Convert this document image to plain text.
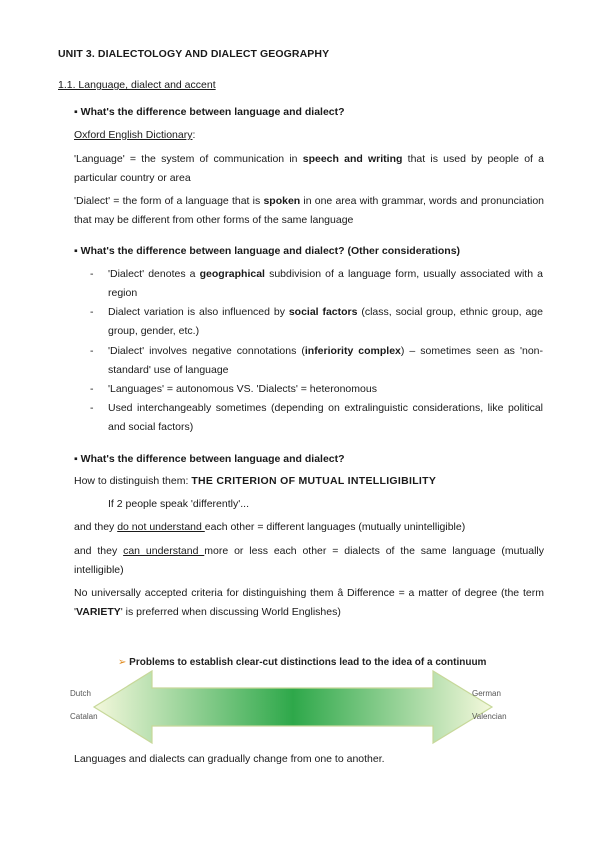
UNIT 3. DIALECTOLOGY AND DIALECT GEOGRAPHY
1.1. Language, dialect and accent
▪ What's the difference between language and dialect?
Oxford English Dictionary:
'Language' = the system of communication in speech and writing that is used by people of a particular country or area
'Dialect' = the form of a language that is spoken in one area with grammar, words and pronunciation that may be different from other forms of the same language
▪ What's the difference between language and dialect? (Other considerations)
- 'Dialect' denotes a geographical subdivision of a language form, usually associated with a region
- Dialect variation is also influenced by social factors (class, social group, ethnic group, age group, gender, etc.)
- 'Dialect' involves negative connotations (inferiority complex) – sometimes seen as 'non-standard' use of language
- 'Languages' = autonomous VS. 'Dialects' = heteronomous
- Used interchangeably sometimes (depending on extralinguistic considerations, like political and social factors)
▪ What's the difference between language and dialect?
How to distinguish them: THE CRITERION OF MUTUAL INTELLIGIBILITY
If 2 people speak 'differently'...
and they do not understand each other = different languages (mutually unintelligible)
and they can understand more or less each other = dialects of the same language (mutually intelligible)
No universally accepted criteria for distinguishing them â Difference = a matter of degree (the term 'VARIETY' is preferred when discussing World Englishes)
➢ Problems to establish clear-cut distinctions lead to the idea of a continuum
Dutch
Catalan
German
Valencian
Languages and dialects can gradually change from one to another.
